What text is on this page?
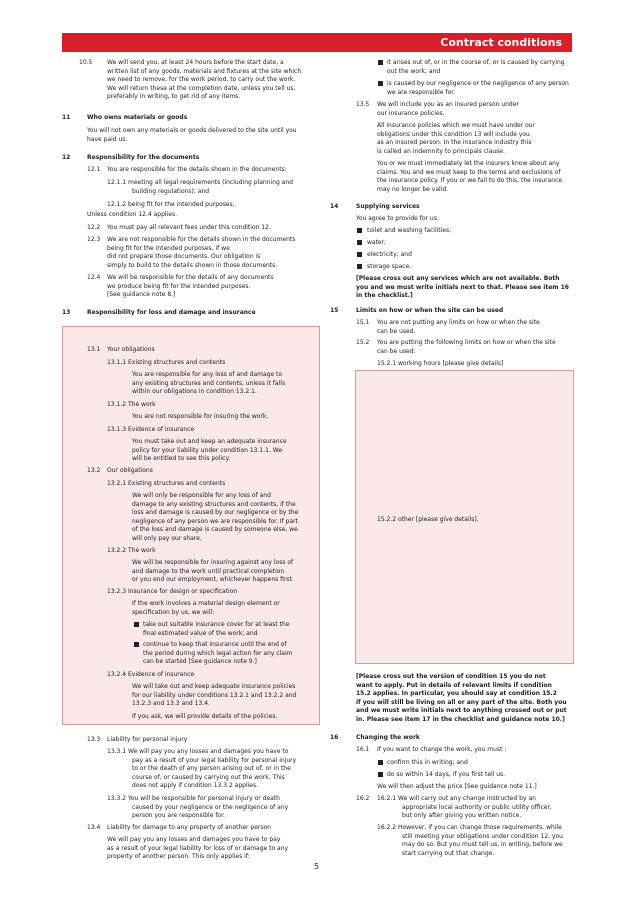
Contract conditions
10.5 We will send you, at least 24 hours before the start date, a
written list of any goods, materials and fixtures at the site which
we need to remove, for the work period, to carry out the work.
We will return these at the completion date, unless you tell us,
preferably in writing, to get rid of any items.
11	Who owns materials or goods
You will not own any materials or goods delivered to the site until you
have paid us.
12	Responsibility for the documents
12.1 You are responsible for the details shown in the documents:
12.1.1 meeting all legal requirements (including planning and
building regulations); and
12.1.2 being fit for the intended purposes,
Unless condition 12.4 applies.
12.2 You must pay all relevant fees under this condition 12.
12.3 We are not responsible for the details shown in the documents
being fit for the intended purposes, if we
did not prepare those documents. Our obligation is
simply to build to the details shown in those documents.
12.4 We will be responsible for the details of any documents
we produce being fit for the intended purposes.
[See guidance note 8.]
13	Responsibility for loss and damage and insurance
13.1 Your obligations
13.1.1 Existing structures and contents
You are responsible for any loss of and damage to
any existing structures and contents, unless it falls
within our obligations in condition 13.2.1.
13.1.2 The work
You are not responsible for insuring the work.
13.1.3 Evidence of insurance
You must take out and keep an adequate insurance
policy for your liability under condition 13.1.1. We
will be entitled to see this policy.
13.2 Our obligations
13.2.1 Existing structures and contents
We will only be responsible for any loss of and
damage to any existing structures and contents, if the
loss and damage is caused by our negligence or by the
negligence of any person we are responsible for. If part
of the loss and damage is caused by someone else, we
will only pay our share.
13.2.2 The work
We will be responsible for insuring against any loss of
and damage to the work until practical completion
or you end our employment, whichever happens first.
13.2.3 Insurance for design or specification
If the work involves a material design element or
specification by us, we will:
take out suitable insurance cover for at least the
final estimated value of the work; and
continue to keep that insurance until the end of
the period during which legal action for any claim
can be started [See guidance note 9.]
13.2.4 Evidence of insurance
We will take out and keep adequate insurance policies
for our liability under conditions 13.2.1 and 13.2.2 and
13.2.3 and 13.3 and 13.4.
If you ask, we will provide details of the policies.
13.3 Liability for personal injury
13.3.1 We will pay you any losses and damages you have to
pay as a result of your legal liability for personal injury
to or the death of any person arising out of, or in the
course of, or caused by carrying out the work. This
does not apply if condition 13.3.2 applies.
13.3.2 You will be responsible for personal injury or death
caused by your negligence or the negligence of any
person you are responsible for.
13.4 Liability for damage to any property of another person
We will pay you any losses and damages you have to pay
as a result of your legal liability for loss of or damage to any
property of another person. This only applies if:
it arises out of, or in the course of, or is caused by carrying
out the work; and
is caused by our negligence or the negligence of any person
we are responsible for.
13.5 We will include you as an insured person under
our insurance policies.
All insurance policies which we must have under our
obligations under this condition 13 will include you
as an insured person. In the insurance industry this
is called an indemnity to principals clause.
You or we must immediately let the insurers know about any
claims. You and we must keep to the terms and exclusions of
the insurance policy. If you or we fail to do this, the insurance
may no longer be valid.
14	Supplying services
You agree to provide for us:
toilet and washing facilities;
water;
electricity; and
storage space.
[Please cross out any services which are not available. Both
you and we must write initials next to that. Please see item 16
in the checklist.]
15	Limits on how or when the site can be used
15.1 You are not putting any limits on how or when the site
can be used.
15.2 You are putting the following limits on how or when the site
can be used:
15.2.1 working hours [please give details]
15.2.2 other [please give details].
[Please cross out the version of condition 15 you do not
want to apply. Put in details of relevant limits if condition
15.2 applies. In particular, you should say at condition 15.2
if you will still be living on all or any part of the site. Both you
and we must write initials next to anything crossed out or put
in. Please see item 17 in the checklist and guidance note 10.]
16	Changing the work
16.1 If you want to change the work, you must :
confirm this in writing; and
do so within 14 days, if you first tell us.
We will then adjust the price [See guidance note 11.]
16.2 16.2.1 We will carry out any change instructed by an
appropriate local authority or public utility officer,
but only after giving you written notice.
16.2.2 However, if you can change those requirements, while
still meeting your obligations under condition 12, you
may do so. But you must tell us, in writing, before we
start carrying out that change.
5
